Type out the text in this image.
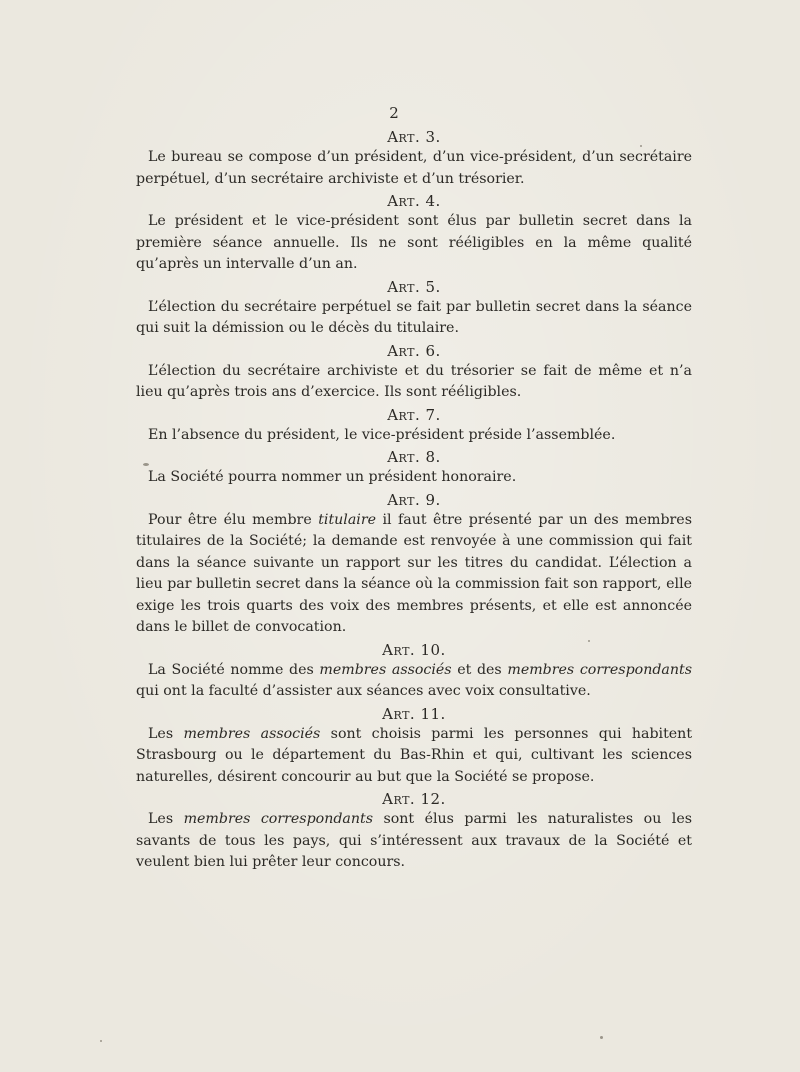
2
Art. 3.

Le bureau se compose d’un président, d’un vice-président, d’un secrétaire perpétuel, d’un secrétaire archiviste et d’un trésorier.

Art. 4.

Le président et le vice-président sont élus par bulletin secret dans la première séance annuelle. Ils ne sont rééligibles en la même qualité qu’après un intervalle d’un an.

Art. 5.

L’élection du secrétaire perpétuel se fait par bulletin secret dans la séance qui suit la démission ou le décès du titulaire.

Art. 6.

L’élection du secrétaire archiviste et du trésorier se fait de même et n’a lieu qu’après trois ans d’exercice. Ils sont rééligibles.

Art. 7.

En l’absence du président, le vice-président préside l’assemblée.

Art. 8.

La Société pourra nommer un président honoraire.

Art. 9.

Pour être élu membre titulaire il faut être présenté par un des membres titulaires de la Société; la demande est renvoyée à une commission qui fait dans la séance suivante un rapport sur les titres du candidat. L’élection a lieu par bulletin secret dans la séance où la commission fait son rapport, elle exige les trois quarts des voix des membres présents, et elle est annoncée dans le billet de convocation.

Art. 10.

La Société nomme des membres associés et des membres correspondants qui ont la faculté d’assister aux séances avec voix consultative.

Art. 11.

Les membres associés sont choisis parmi les personnes qui habitent Strasbourg ou le département du Bas-Rhin et qui, cultivant les sciences naturelles, désirent concourir au but que la Société se propose.

Art. 12.

Les membres correspondants sont élus parmi les naturalistes ou les savants de tous les pays, qui s’intéressent aux travaux de la Société et veulent bien lui prêter leur concours.
